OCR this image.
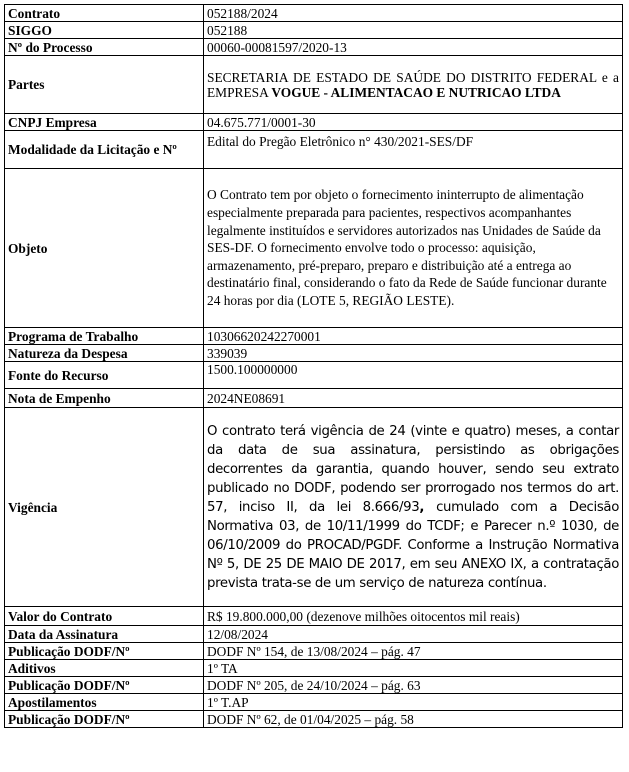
Contrato	052188/2024
SIGGO	052188
Nº do Processo	00060-00081597/2020-13
Partes	SECRETARIA DE ESTADO DE SAÚDE DO DISTRITO FEDERAL e a EMPRESA VOGUE - ALIMENTACAO E NUTRICAO LTDA
CNPJ Empresa	04.675.771/0001-30
Modalidade da Licitação e Nº	Edital do Pregão Eletrônico n° 430/2021-SES/DF
Objeto	O Contrato tem por objeto o fornecimento ininterrupto de alimentação especialmente preparada para pacientes, respectivos acompanhantes legalmente instituídos e servidores autorizados nas Unidades de Saúde da SES-DF. O fornecimento envolve todo o processo: aquisição, armazenamento, pré-preparo, preparo e distribuição até a entrega ao destinatário final, considerando o fato da Rede de Saúde funcionar durante 24 horas por dia (LOTE 5, REGIÃO LESTE).
Programa de Trabalho	10306620242270001
Natureza da Despesa	339039
Fonte do Recurso	1500.100000000
Nota de Empenho	2024NE08691
Vigência	O contrato terá vigência de 24 (vinte e quatro) meses, a contar da data de sua assinatura, persistindo as obrigações decorrentes da garantia, quando houver, sendo seu extrato publicado no DODF, podendo ser prorrogado nos termos do art. 57, inciso II, da lei 8.666/93, cumulado com a Decisão Normativa 03, de 10/11/1999 do TCDF; e Parecer n.º 1030, de 06/10/2009 do PROCAD/PGDF. Conforme a Instrução Normativa Nº 5, DE 25 DE MAIO DE 2017, em seu ANEXO IX, a contratação prevista trata-se de um serviço de natureza contínua.
Valor do Contrato	R$ 19.800.000,00 (dezenove milhões oitocentos mil reais)
Data da Assinatura	12/08/2024
Publicação DODF/Nº	DODF Nº 154, de 13/08/2024 – pág. 47
Aditivos	1º TA
Publicação DODF/Nº	DODF Nº 205, de 24/10/2024 – pág. 63
Apostilamentos	1º T.AP
Publicação DODF/Nº	DODF Nº 62, de 01/04/2025 – pág. 58
